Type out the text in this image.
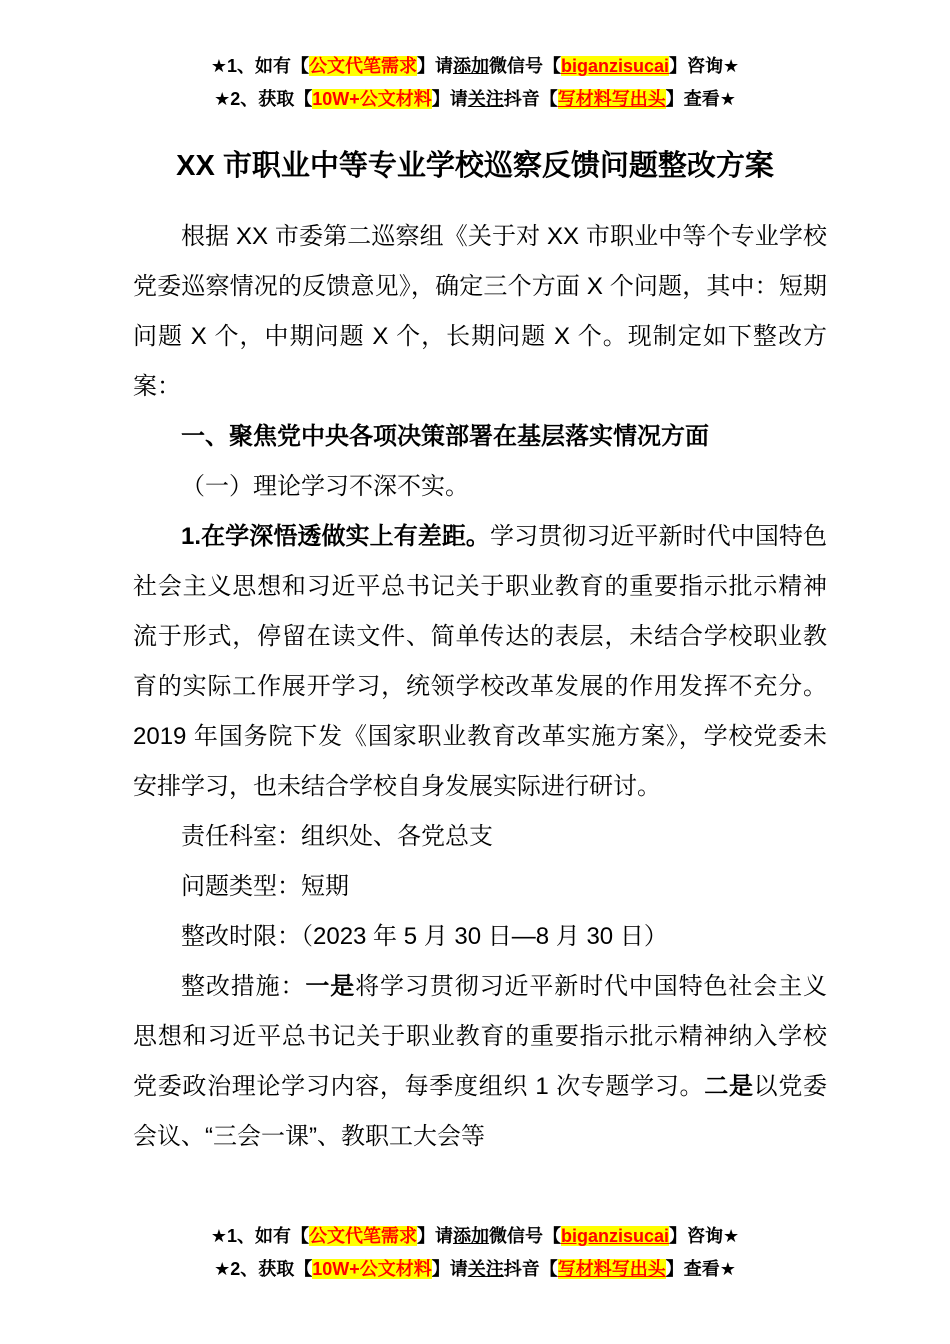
★1、如有【公文代笔需求】请添加微信号【biganzisucai】咨询★
★2、获取【10W+公文材料】请关注抖音【写材料写出头】查看★
XX 市职业中等专业学校巡察反馈问题整改方案

根据 XX 市委第二巡察组《关于对 XX 市职业中等个专业学校党委巡察情况的反馈意见》，确定三个方面 X 个问题，其中：短期问题 X 个，中期问题 X 个，长期问题 X 个。现制定如下整改方案：

一、聚焦党中央各项决策部署在基层落实情况方面

（一）理论学习不深不实。

1.在学深悟透做实上有差距。学习贯彻习近平新时代中国特色社会主义思想和习近平总书记关于职业教育的重要指示批示精神流于形式，停留在读文件、简单传达的表层，未结合学校职业教育的实际工作展开学习，统领学校改革发展的作用发挥不充分。2019 年国务院下发《国家职业教育改革实施方案》，学校党委未安排学习，也未结合学校自身发展实际进行研讨。

责任科室：组织处、各党总支

问题类型：短期

整改时限：（2023 年 5 月 30 日—8 月 30 日）

整改措施：一是将学习贯彻习近平新时代中国特色社会主义思想和习近平总书记关于职业教育的重要指示批示精神纳入学校党委政治理论学习内容，每季度组织 1 次专题学习。二是以党委会议、“三会一课”、教职工大会等

★1、如有【公文代笔需求】请添加微信号【biganzisucai】咨询★
★2、获取【10W+公文材料】请关注抖音【写材料写出头】查看★
